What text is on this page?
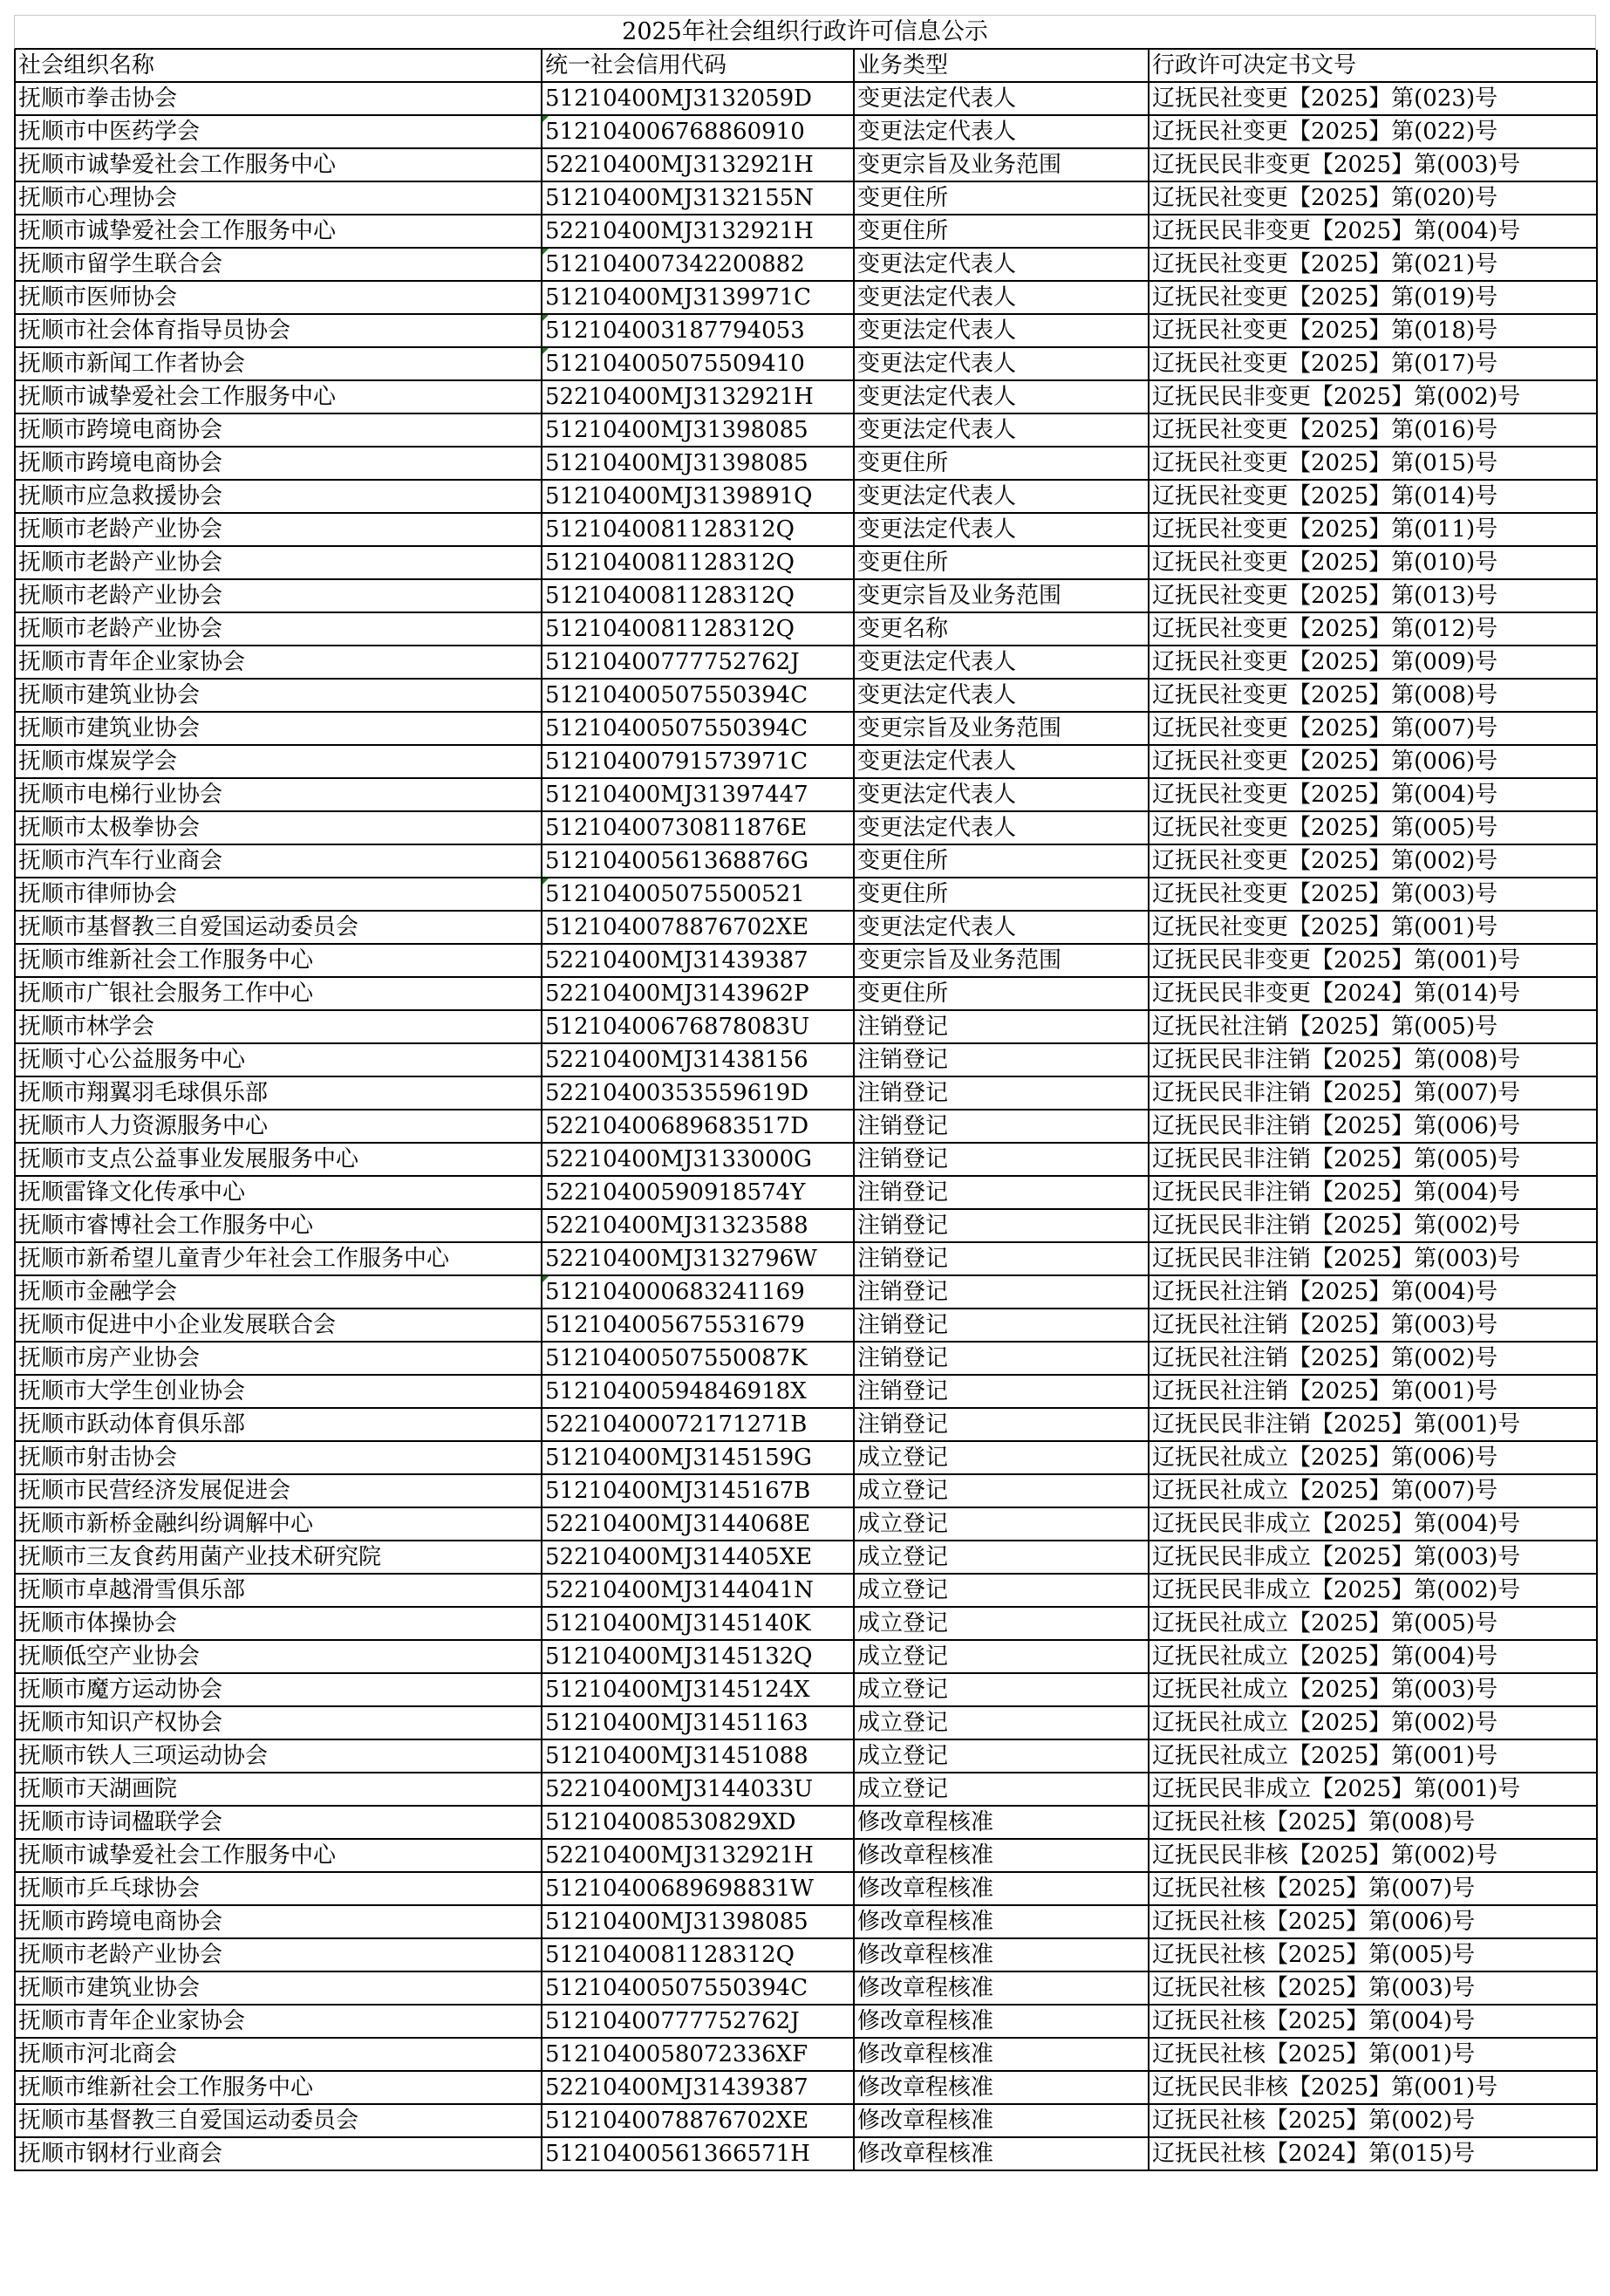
2025年社会组织行政许可信息公示
社会组织名称	统一社会信用代码	业务类型	行政许可决定书文号
抚顺市拳击协会	51210400MJ3132059D	变更法定代表人	辽抚民社变更【2025】第(023)号
抚顺市中医药学会	512104006768860910	变更法定代表人	辽抚民社变更【2025】第(022)号
抚顺市诚挚爱社会工作服务中心	52210400MJ3132921H	变更宗旨及业务范围	辽抚民民非变更【2025】第(003)号
抚顺市心理协会	51210400MJ3132155N	变更住所	辽抚民社变更【2025】第(020)号
抚顺市诚挚爱社会工作服务中心	52210400MJ3132921H	变更住所	辽抚民民非变更【2025】第(004)号
抚顺市留学生联合会	512104007342200882	变更法定代表人	辽抚民社变更【2025】第(021)号
抚顺市医师协会	51210400MJ3139971C	变更法定代表人	辽抚民社变更【2025】第(019)号
抚顺市社会体育指导员协会	512104003187794053	变更法定代表人	辽抚民社变更【2025】第(018)号
抚顺市新闻工作者协会	512104005075509410	变更法定代表人	辽抚民社变更【2025】第(017)号
抚顺市诚挚爱社会工作服务中心	52210400MJ3132921H	变更法定代表人	辽抚民民非变更【2025】第(002)号
抚顺市跨境电商协会	51210400MJ31398085	变更法定代表人	辽抚民社变更【2025】第(016)号
抚顺市跨境电商协会	51210400MJ31398085	变更住所	辽抚民社变更【2025】第(015)号
抚顺市应急救援协会	51210400MJ3139891Q	变更法定代表人	辽抚民社变更【2025】第(014)号
抚顺市老龄产业协会	5121040081128312Q	变更法定代表人	辽抚民社变更【2025】第(011)号
抚顺市老龄产业协会	5121040081128312Q	变更住所	辽抚民社变更【2025】第(010)号
抚顺市老龄产业协会	5121040081128312Q	变更宗旨及业务范围	辽抚民社变更【2025】第(013)号
抚顺市老龄产业协会	5121040081128312Q	变更名称	辽抚民社变更【2025】第(012)号
抚顺市青年企业家协会	51210400777752762J	变更法定代表人	辽抚民社变更【2025】第(009)号
抚顺市建筑业协会	51210400507550394C	变更法定代表人	辽抚民社变更【2025】第(008)号
抚顺市建筑业协会	51210400507550394C	变更宗旨及业务范围	辽抚民社变更【2025】第(007)号
抚顺市煤炭学会	51210400791573971C	变更法定代表人	辽抚民社变更【2025】第(006)号
抚顺市电梯行业协会	51210400MJ31397447	变更法定代表人	辽抚民社变更【2025】第(004)号
抚顺市太极拳协会	51210400730811876E	变更法定代表人	辽抚民社变更【2025】第(005)号
抚顺市汽车行业商会	51210400561368876G	变更住所	辽抚民社变更【2025】第(002)号
抚顺市律师协会	512104005075500521	变更住所	辽抚民社变更【2025】第(003)号
抚顺市基督教三自爱国运动委员会	5121040078876702XE	变更法定代表人	辽抚民社变更【2025】第(001)号
抚顺市维新社会工作服务中心	52210400MJ31439387	变更宗旨及业务范围	辽抚民民非变更【2025】第(001)号
抚顺市广银社会服务工作中心	52210400MJ3143962P	变更住所	辽抚民民非变更【2024】第(014)号
抚顺市林学会	51210400676878083U	注销登记	辽抚民社注销【2025】第(005)号
抚顺寸心公益服务中心	52210400MJ31438156	注销登记	辽抚民民非注销【2025】第(008)号
抚顺市翔翼羽毛球俱乐部	52210400353559619D	注销登记	辽抚民民非注销【2025】第(007)号
抚顺市人力资源服务中心	52210400689683517D	注销登记	辽抚民民非注销【2025】第(006)号
抚顺市支点公益事业发展服务中心	52210400MJ3133000G	注销登记	辽抚民民非注销【2025】第(005)号
抚顺雷锋文化传承中心	52210400590918574Y	注销登记	辽抚民民非注销【2025】第(004)号
抚顺市睿博社会工作服务中心	52210400MJ31323588	注销登记	辽抚民民非注销【2025】第(002)号
抚顺市新希望儿童青少年社会工作服务中心	52210400MJ3132796W	注销登记	辽抚民民非注销【2025】第(003)号
抚顺市金融学会	512104000683241169	注销登记	辽抚民社注销【2025】第(004)号
抚顺市促进中小企业发展联合会	512104005675531679	注销登记	辽抚民社注销【2025】第(003)号
抚顺市房产业协会	51210400507550087K	注销登记	辽抚民社注销【2025】第(002)号
抚顺市大学生创业协会	51210400594846918X	注销登记	辽抚民社注销【2025】第(001)号
抚顺市跃动体育俱乐部	52210400072171271B	注销登记	辽抚民民非注销【2025】第(001)号
抚顺市射击协会	51210400MJ3145159G	成立登记	辽抚民社成立【2025】第(006)号
抚顺市民营经济发展促进会	51210400MJ3145167B	成立登记	辽抚民社成立【2025】第(007)号
抚顺市新桥金融纠纷调解中心	52210400MJ3144068E	成立登记	辽抚民民非成立【2025】第(004)号
抚顺市三友食药用菌产业技术研究院	52210400MJ314405XE	成立登记	辽抚民民非成立【2025】第(003)号
抚顺市卓越滑雪俱乐部	52210400MJ3144041N	成立登记	辽抚民民非成立【2025】第(002)号
抚顺市体操协会	51210400MJ3145140K	成立登记	辽抚民社成立【2025】第(005)号
抚顺低空产业协会	51210400MJ3145132Q	成立登记	辽抚民社成立【2025】第(004)号
抚顺市魔方运动协会	51210400MJ3145124X	成立登记	辽抚民社成立【2025】第(003)号
抚顺市知识产权协会	51210400MJ31451163	成立登记	辽抚民社成立【2025】第(002)号
抚顺市铁人三项运动协会	51210400MJ31451088	成立登记	辽抚民社成立【2025】第(001)号
抚顺市天湖画院	52210400MJ3144033U	成立登记	辽抚民民非成立【2025】第(001)号
抚顺市诗词楹联学会	512104008530829XD	修改章程核准	辽抚民社核【2025】第(008)号
抚顺市诚挚爱社会工作服务中心	52210400MJ3132921H	修改章程核准	辽抚民民非核【2025】第(002)号
抚顺市乒乓球协会	51210400689698831W	修改章程核准	辽抚民社核【2025】第(007)号
抚顺市跨境电商协会	51210400MJ31398085	修改章程核准	辽抚民社核【2025】第(006)号
抚顺市老龄产业协会	5121040081128312Q	修改章程核准	辽抚民社核【2025】第(005)号
抚顺市建筑业协会	51210400507550394C	修改章程核准	辽抚民社核【2025】第(003)号
抚顺市青年企业家协会	51210400777752762J	修改章程核准	辽抚民社核【2025】第(004)号
抚顺市河北商会	5121040058072336XF	修改章程核准	辽抚民社核【2025】第(001)号
抚顺市维新社会工作服务中心	52210400MJ31439387	修改章程核准	辽抚民民非核【2025】第(001)号
抚顺市基督教三自爱国运动委员会	5121040078876702XE	修改章程核准	辽抚民社核【2025】第(002)号
抚顺市钢材行业商会	51210400561366571H	修改章程核准	辽抚民社核【2024】第(015)号
